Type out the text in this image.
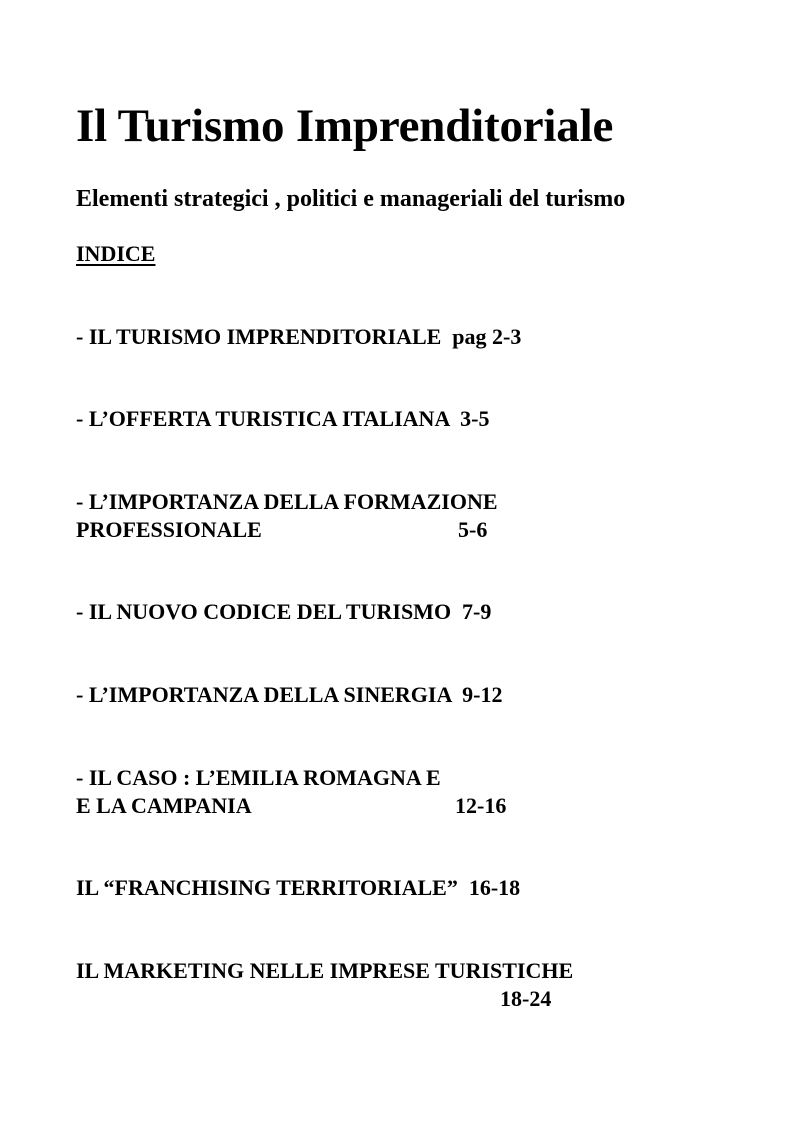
Il Turismo Imprenditoriale
Elementi strategici , politici e manageriali del turismo
INDICE
- IL TURISMO IMPRENDITORIALE  pag 2-3
- L’OFFERTA TURISTICA ITALIANA  3-5
- L’IMPORTANZA DELLA FORMAZIONE
PROFESSIONALE	5-6
- IL NUOVO CODICE DEL TURISMO  7-9
- L’IMPORTANZA DELLA SINERGIA  9-12
- IL CASO : L’EMILIA ROMAGNA E
E LA CAMPANIA	12-16
IL “FRANCHISING TERRITORIALE”  16-18
IL MARKETING NELLE IMPRESE TURISTICHE
18-24
